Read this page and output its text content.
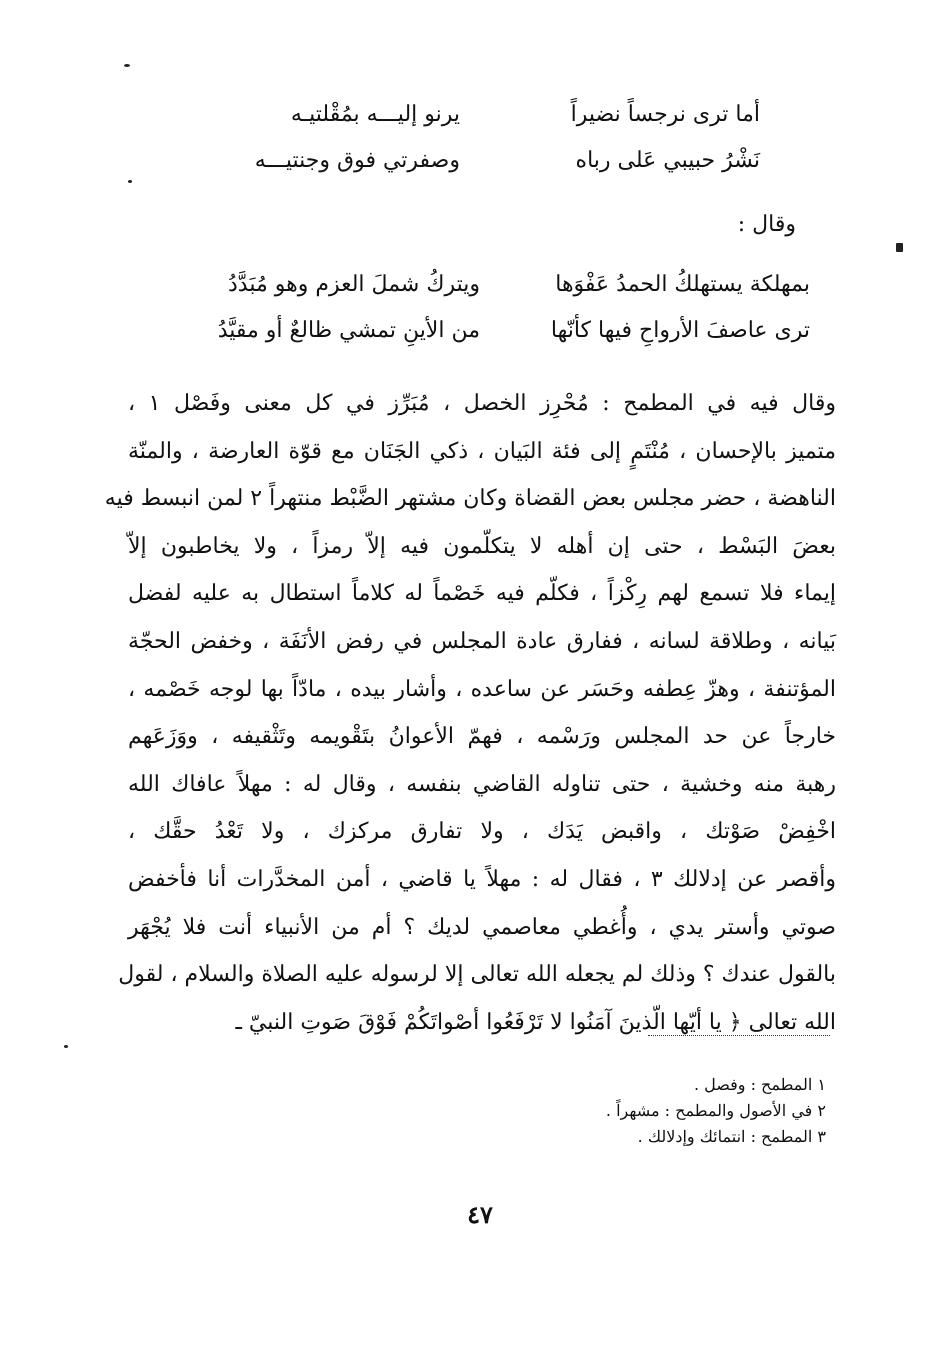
أما ترى نرجساً نضيراً
يرنو إليـــه بمُقْلتيـه
نَشْرُ حبيبي عَلى رباه
وصفرتي فوق وجنتيـــه
وقال :
بمهلكة يستهلكُ الحمدُ عَفْوَها
ويتركُ شملَ العزم وهو مُبَدَّدُ
ترى عاصفَ الأرواحِ فيها كأنّها
من الأينِ تمشي ظالعٌ أو مقيَّدُ
وقال فيه في المطمح : مُحْرِز الخصل ، مُبَرِّز في كل معنى وفَصْل ١ ،
متميز بالإحسان ، مُنْتَمٍ إلى فئة البَيان ، ذكي الجَنَان مع قوّة العارضة ، والمنّة
الناهضة ، حضر مجلس بعض القضاة وكان مشتهر الضَّبْط منتهراً ٢ لمن انبسط فيه
بعضَ البَسْط ، حتى إن أهله لا يتكلّمون فيه إلاّ رمزاً ، ولا يخاطبون إلاّ
إيماء فلا تسمع لهم رِكْزاً ، فكلّم فيه خَصْماً له كلاماً استطال به عليه لفضل
بَيانه ، وطلاقة لسانه ، ففارق عادة المجلس في رفض الأنَفَة ، وخفض الحجّة
المؤتنفة ، وهزّ عِطفه وحَسَر عن ساعده ، وأشار بيده ، مادّاً بها لوجه خَصْمه ،
خارجاً عن حد المجلس ورَسْمه ، فهمّ الأعوانُ بتَقْويمه وتَثْقيفه ، ووَزَعَهم
رهبة منه وخشية ، حتى تناوله القاضي بنفسه ، وقال له : مهلاً عافاك الله
اخْفِضْ صَوْتك ، واقبض يَدَك ، ولا تفارق مركزك ، ولا تَعْدُ حقَّك ،
وأقصر عن إدلالك ٣ ، فقال له : مهلاً يا قاضي ، أمن المخدَّرات أنا فأخفض
صوتي وأستر يدي ، وأُغطي معاصمي لديك ؟ أم من الأنبياء أنت فلا يُجْهَر
بالقول عندك ؟ وذلك لم يجعله الله تعالى إلا لرسوله عليه الصلاة والسلام ، لقول
الله تعالى ﴿ يا أيّها الّذينَ آمَنُوا لا تَرْفَعُوا أصْواتَكُمْ فَوْقَ صَوتِ النبيّ ـ
١ المطمح : وفصل .
٢ في الأصول والمطمح : مشهراً .
٣ المطمح : انتمائك وإدلالك .
٤٧
